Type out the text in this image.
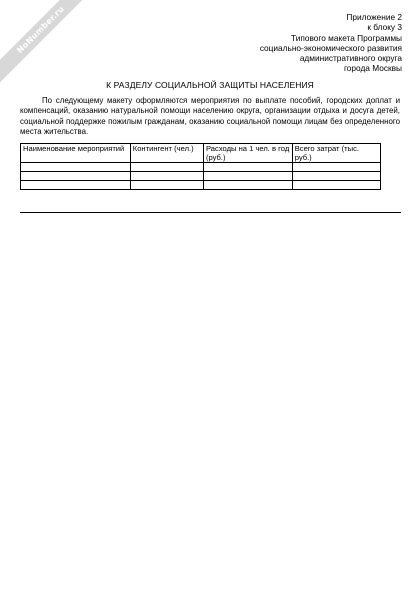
NoNumber.ru	Приложение 2
к блоку 3
Типового макета Программы
социально-экономического развития
административного округа
города Москвы
К РАЗДЕЛУ СОЦИАЛЬНОЙ ЗАЩИТЫ НАСЕЛЕНИЯ
По следующему макету оформляются мероприятия по выплате пособий, городских доплат и компенсаций, оказанию натуральной помощи населению округа, организации отдыха и досуга детей, социальной поддержке пожилым гражданам, оказанию социальной помощи лицам без определенного места жительства.
Наименование мероприятий	Контингент (чел.)	Расходы на 1 чел. в год (руб.)	Всего затрат (тыс. руб.)
